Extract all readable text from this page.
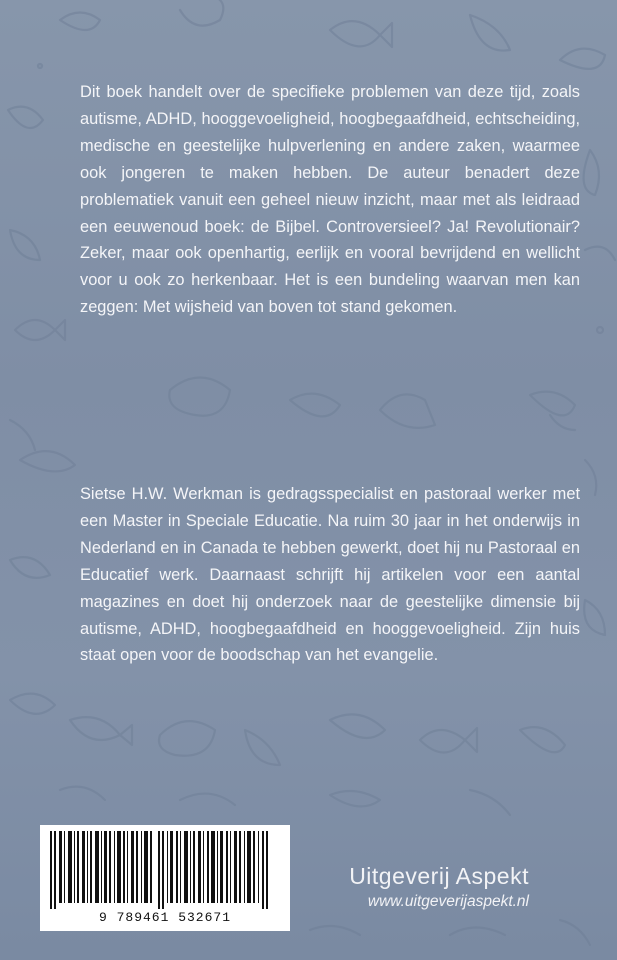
Dit boek handelt over de specifieke problemen van deze tijd, zoals autisme, ADHD, hooggevoeligheid, hoogbegaafdheid, echtscheiding, medische en geestelijke hulpverlening en andere zaken, waarmee ook jongeren te maken hebben. De auteur benadert deze problematiek vanuit een geheel nieuw inzicht, maar met als leidraad een eeuwenoud boek: de Bijbel. Controversieel? Ja! Revolutionair? Zeker, maar ook openhartig, eerlijk en vooral bevrijdend en wellicht voor u ook zo herkenbaar. Het is een bundeling waarvan men kan zeggen: Met wijsheid van boven tot stand gekomen.

Sietse H.W. Werkman is gedragsspecialist en pastoraal werker met een Master in Speciale Educatie. Na ruim 30 jaar in het onderwijs in Nederland en in Canada te hebben gewerkt, doet hij nu Pastoraal en Educatief werk. Daarnaast schrijft hij artikelen voor een aantal magazines en doet hij onderzoek naar de geestelijke dimensie bij autisme, ADHD, hoogbegaafdheid en hooggevoeligheid. Zijn huis staat open voor de boodschap van het evangelie.

9 789461 532671
Uitgeverij Aspekt
www.uitgeverijaspekt.nl
